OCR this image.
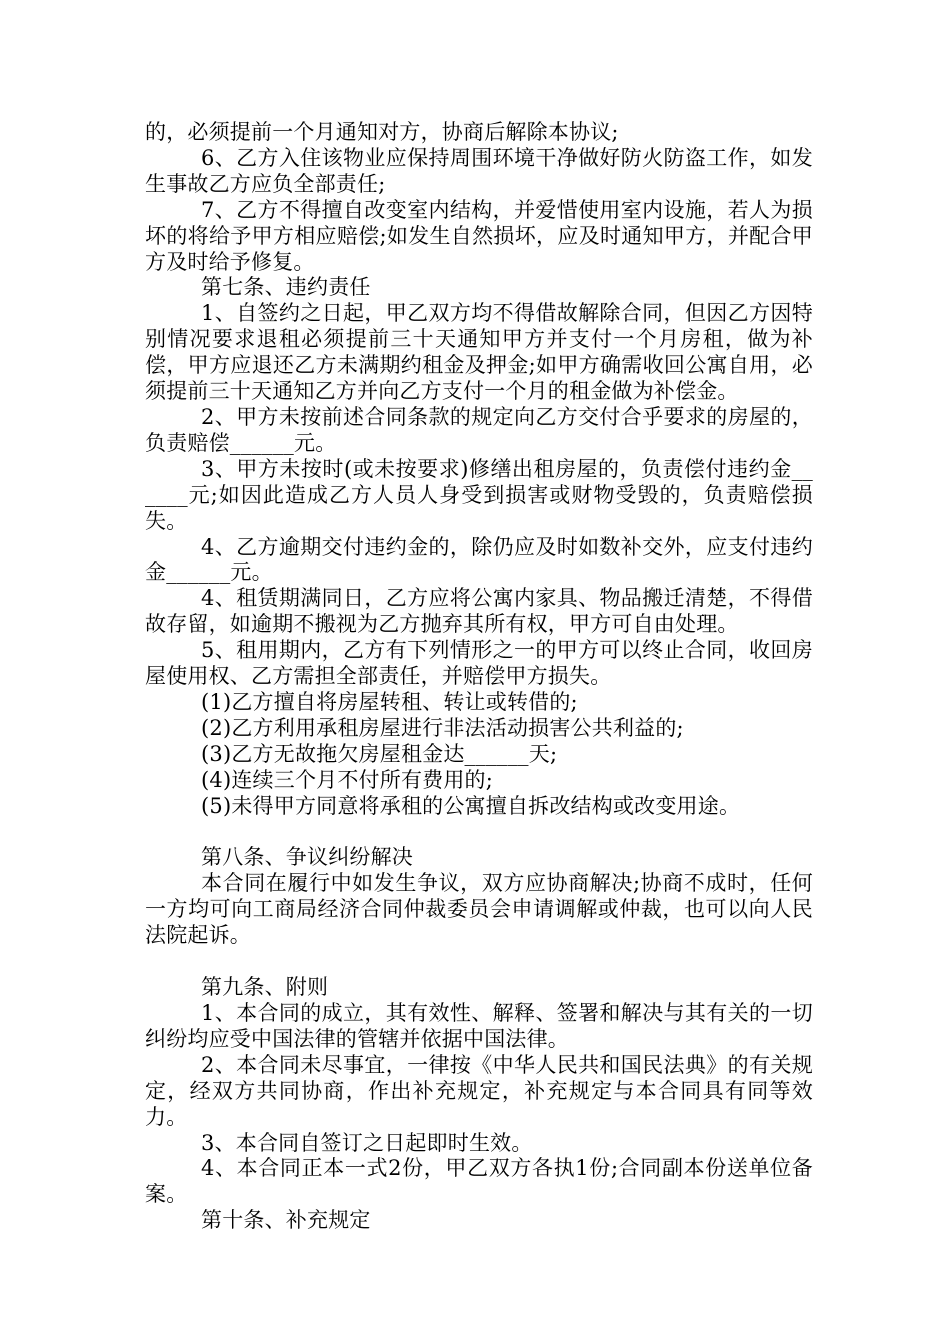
的，必须提前一个月通知对方，协商后解除本协议;

6、乙方入住该物业应保持周围环境干净做好防火防盗工作，如发生事故乙方应负全部责任;

7、乙方不得擅自改变室内结构，并爱惜使用室内设施，若人为损坏的将给予甲方相应赔偿;如发生自然损坏，应及时通知甲方，并配合甲方及时给予修复。

第七条、违约责任

1、自签约之日起，甲乙双方均不得借故解除合同，但因乙方因特别情况要求退租必须提前三十天通知甲方并支付一个月房租，做为补偿，甲方应退还乙方未满期约租金及押金;如甲方确需收回公寓自用，必须提前三十天通知乙方并向乙方支付一个月的租金做为补偿金。

2、甲方未按前述合同条款的规定向乙方交付合乎要求的房屋的，负责赔偿______元。

3、甲方未按时(或未按要求)修缮出租房屋的，负责偿付违约金______元;如因此造成乙方人员人身受到损害或财物受毁的，负责赔偿损失。

4、乙方逾期交付违约金的，除仍应及时如数补交外，应支付违约金______元。

4、租赁期满同日，乙方应将公寓内家具、物品搬迁清楚，不得借故存留，如逾期不搬视为乙方抛弃其所有权，甲方可自由处理。

5、租用期内，乙方有下列情形之一的甲方可以终止合同，收回房屋使用权、乙方需担全部责任，并赔偿甲方损失。

(1)乙方擅自将房屋转租、转让或转借的;

(2)乙方利用承租房屋进行非法活动损害公共利益的;

(3)乙方无故拖欠房屋租金达______天;

(4)连续三个月不付所有费用的;

(5)未得甲方同意将承租的公寓擅自拆改结构或改变用途。

第八条、争议纠纷解决

本合同在履行中如发生争议，双方应协商解决;协商不成时，任何一方均可向工商局经济合同仲裁委员会申请调解或仲裁，也可以向人民法院起诉。

第九条、附则

1、本合同的成立，其有效性、解释、签署和解决与其有关的一切纠纷均应受中国法律的管辖并依据中国法律。

2、本合同未尽事宜，一律按《中华人民共和国民法典》的有关规定，经双方共同协商，作出补充规定，补充规定与本合同具有同等效力。

3、本合同自签订之日起即时生效。

4、本合同正本一式2份，甲乙双方各执1份;合同副本份送单位备案。

第十条、补充规定
